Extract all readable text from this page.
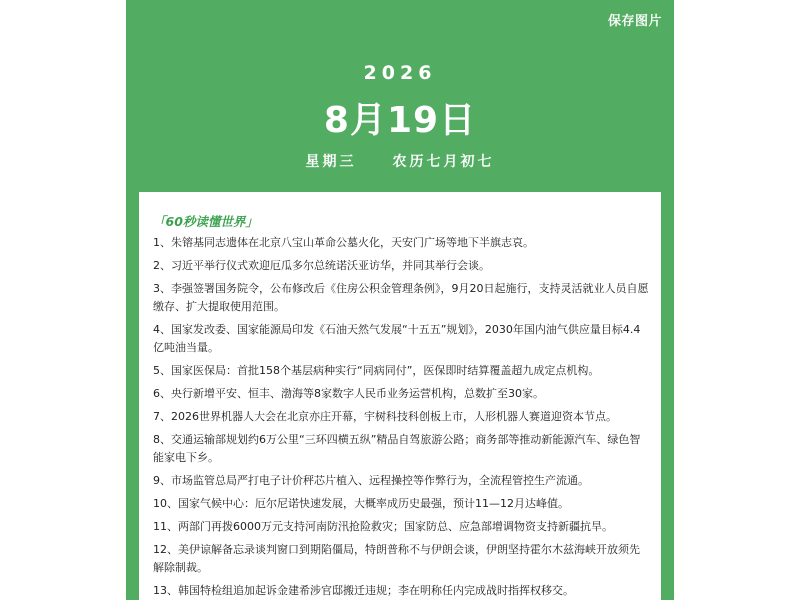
保存图片
2026
8月19日
星期三	农历七月初七
「60秒读懂世界」
1、朱镕基同志遗体在北京八宝山革命公墓火化，天安门广场等地下半旗志哀。
2、习近平举行仪式欢迎厄瓜多尔总统诺沃亚访华，并同其举行会谈。
3、李强签署国务院令，公布修改后《住房公积金管理条例》，9月20日起施行，支持灵活就业人员自愿缴存、扩大提取使用范围。
4、国家发改委、国家能源局印发《石油天然气发展“十五五”规划》，2030年国内油气供应量目标4.4亿吨油当量。
5、国家医保局：首批158个基层病种实行“同病同付”，医保即时结算覆盖超九成定点机构。
6、央行新增平安、恒丰、渤海等8家数字人民币业务运营机构，总数扩至30家。
7、2026世界机器人大会在北京亦庄开幕，宇树科技科创板上市，人形机器人赛道迎资本节点。
8、交通运输部规划约6万公里“三环四横五纵”精品自驾旅游公路；商务部等推动新能源汽车、绿色智能家电下乡。
9、市场监管总局严打电子计价秤芯片植入、远程操控等作弊行为，全流程管控生产流通。
10、国家气候中心：厄尔尼诺快速发展，大概率成历史最强，预计11—12月达峰值。
11、两部门再拨6000万元支持河南防汛抢险救灾；国家防总、应急部增调物资支持新疆抗旱。
12、美伊谅解备忘录谈判窗口到期陷僵局，特朗普称不与伊朗会谈，伊朗坚持霍尔木兹海峡开放须先解除制裁。
13、韩国特检组追加起诉金建希涉官邸搬迁违规；李在明称任内完成战时指挥权移交。
